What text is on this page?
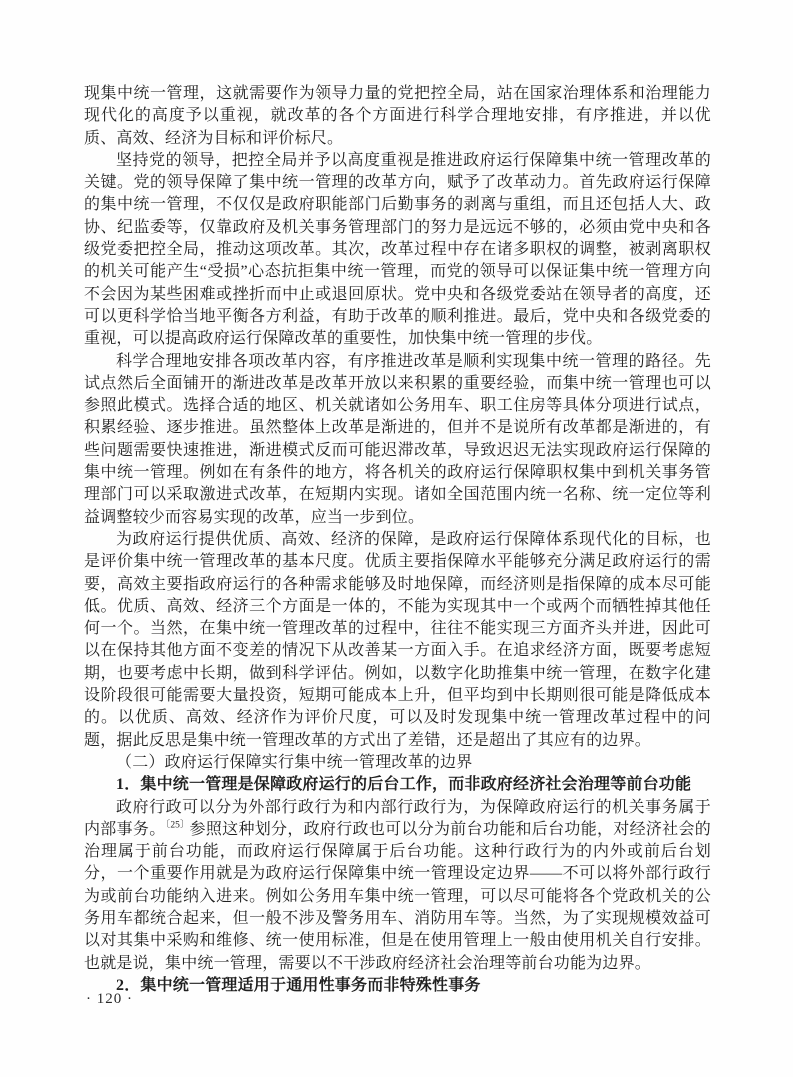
现集中统一管理，这就需要作为领导力量的党把控全局，站在国家治理体系和治理能力现代化的高度予以重视，就改革的各个方面进行科学合理地安排，有序推进，并以优质、高效、经济为目标和评价标尺。

坚持党的领导，把控全局并予以高度重视是推进政府运行保障集中统一管理改革的关键。党的领导保障了集中统一管理的改革方向，赋予了改革动力。首先政府运行保障的集中统一管理，不仅仅是政府职能部门后勤事务的剥离与重组，而且还包括人大、政协、纪监委等，仅靠政府及机关事务管理部门的努力是远远不够的，必须由党中央和各级党委把控全局，推动这项改革。其次，改革过程中存在诸多职权的调整，被剥离职权的机关可能产生“受损”心态抗拒集中统一管理，而党的领导可以保证集中统一管理方向不会因为某些困难或挫折而中止或退回原状。党中央和各级党委站在领导者的高度，还可以更科学恰当地平衡各方利益，有助于改革的顺利推进。最后，党中央和各级党委的重视，可以提高政府运行保障改革的重要性，加快集中统一管理的步伐。

科学合理地安排各项改革内容，有序推进改革是顺利实现集中统一管理的路径。先试点然后全面铺开的渐进改革是改革开放以来积累的重要经验，而集中统一管理也可以参照此模式。选择合适的地区、机关就诸如公务用车、职工住房等具体分项进行试点，积累经验、逐步推进。虽然整体上改革是渐进的，但并不是说所有改革都是渐进的，有些问题需要快速推进，渐进模式反而可能迟滞改革，导致迟迟无法实现政府运行保障的集中统一管理。例如在有条件的地方，将各机关的政府运行保障职权集中到机关事务管理部门可以采取激进式改革，在短期内实现。诸如全国范围内统一名称、统一定位等利益调整较少而容易实现的改革，应当一步到位。

为政府运行提供优质、高效、经济的保障，是政府运行保障体系现代化的目标，也是评价集中统一管理改革的基本尺度。优质主要指保障水平能够充分满足政府运行的需要，高效主要指政府运行的各种需求能够及时地保障，而经济则是指保障的成本尽可能低。优质、高效、经济三个方面是一体的，不能为实现其中一个或两个而牺牲掉其他任何一个。当然，在集中统一管理改革的过程中，往往不能实现三方面齐头并进，因此可以在保持其他方面不变差的情况下从改善某一方面入手。在追求经济方面，既要考虑短期，也要考虑中长期，做到科学评估。例如，以数字化助推集中统一管理，在数字化建设阶段很可能需要大量投资，短期可能成本上升，但平均到中长期则很可能是降低成本的。以优质、高效、经济作为评价尺度，可以及时发现集中统一管理改革过程中的问题，据此反思是集中统一管理改革的方式出了差错，还是超出了其应有的边界。

（二）政府运行保障实行集中统一管理改革的边界

1．集中统一管理是保障政府运行的后台工作，而非政府经济社会治理等前台功能

政府行政可以分为外部行政行为和内部行政行为，为保障政府运行的机关事务属于内部事务。$^{〔25〕}$参照这种划分，政府行政也可以分为前台功能和后台功能，对经济社会的治理属于前台功能，而政府运行保障属于后台功能。这种行政行为的内外或前后台划分，一个重要作用就是为政府运行保障集中统一管理设定边界——不可以将外部行政行为或前台功能纳入进来。例如公务用车集中统一管理，可以尽可能将各个党政机关的公务用车都统合起来，但一般不涉及警务用车、消防用车等。当然，为了实现规模效益可以对其集中采购和维修、统一使用标准，但是在使用管理上一般由使用机关自行安排。也就是说，集中统一管理，需要以不干涉政府经济社会治理等前台功能为边界。

2．集中统一管理适用于通用性事务而非特殊性事务

· 120 ·
